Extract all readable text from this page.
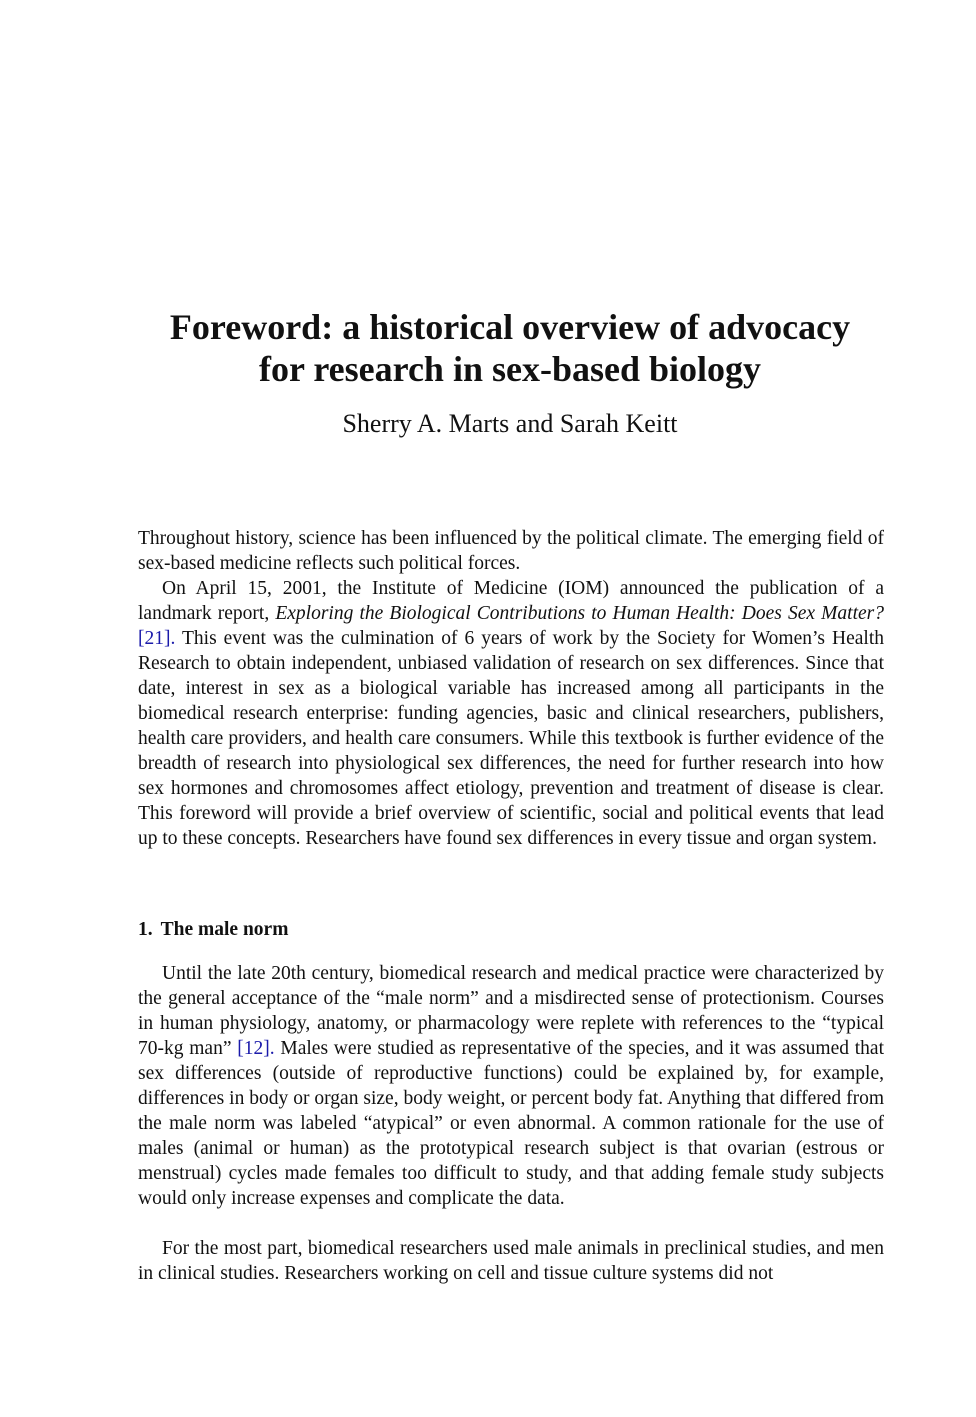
Foreword: a historical overview of advocacy
for research in sex-based biology

Sherry A. Marts and Sarah Keitt

Throughout history, science has been influenced by the political climate. The emerging field of sex-based medicine reflects such political forces.

On April 15, 2001, the Institute of Medicine (IOM) announced the publication of a landmark report, Exploring the Biological Contributions to Human Health: Does Sex Matter? [21]. This event was the culmination of 6 years of work by the Society for Women’s Health Research to obtain independent, unbiased validation of research on sex differences. Since that date, interest in sex as a biological variable has increased among all participants in the biomedical research enterprise: funding agencies, basic and clinical researchers, publishers, health care providers, and health care consumers. While this textbook is further evidence of the breadth of research into physiological sex differences, the need for further research into how sex hormones and chromosomes affect etiology, prevention and treatment of disease is clear. This foreword will provide a brief overview of scientific, social and political events that lead up to these concepts. Researchers have found sex differences in every tissue and organ system.

1. The male norm

Until the late 20th century, biomedical research and medical practice were characterized by the general acceptance of the “male norm” and a misdirected sense of protectionism. Courses in human physiology, anatomy, or pharmacology were replete with references to the “typical 70-kg man” [12]. Males were studied as representative of the species, and it was assumed that sex differences (outside of reproductive functions) could be explained by, for example, differences in body or organ size, body weight, or percent body fat. Anything that differed from the male norm was labeled “atypical” or even abnormal. A common rationale for the use of males (animal or human) as the prototypical research subject is that ovarian (estrous or menstrual) cycles made females too difficult to study, and that adding female study subjects would only increase expenses and complicate the data.

For the most part, biomedical researchers used male animals in preclinical studies, and men in clinical studies. Researchers working on cell and tissue culture systems did not
